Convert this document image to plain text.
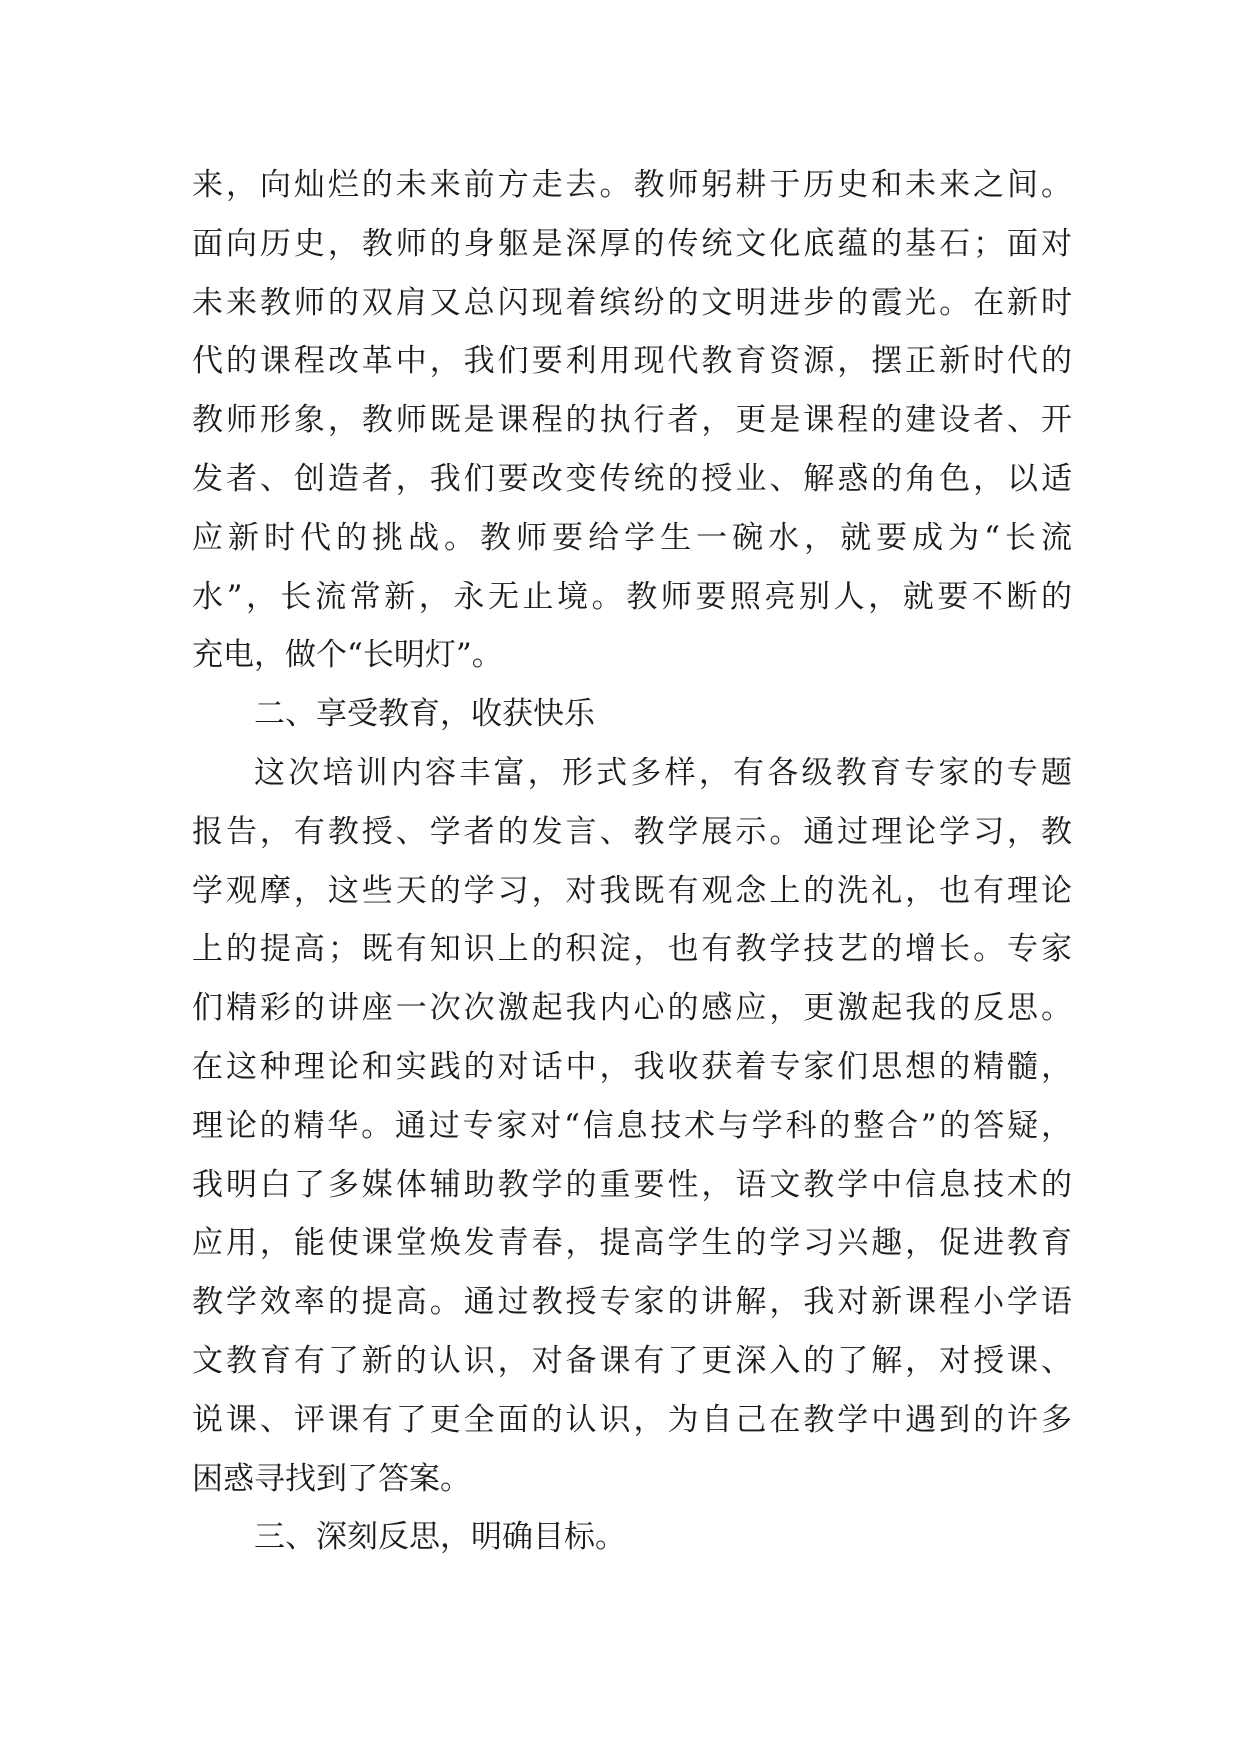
来，向灿烂的未来前方走去。教师躬耕于历史和未来之间。
面向历史，教师的身躯是深厚的传统文化底蕴的基石；面对
未来教师的双肩又总闪现着缤纷的文明进步的霞光。在新时
代的课程改革中，我们要利用现代教育资源，摆正新时代的
教师形象，教师既是课程的执行者，更是课程的建设者、开
发者、创造者，我们要改变传统的授业、解惑的角色，以适
应新时代的挑战。教师要给学生一碗水，就要成为“长流
水”，长流常新，永无止境。教师要照亮别人，就要不断的
充电，做个“长明灯”。
二、享受教育，收获快乐
这次培训内容丰富，形式多样，有各级教育专家的专题
报告，有教授、学者的发言、教学展示。通过理论学习，教
学观摩，这些天的学习，对我既有观念上的洗礼，也有理论
上的提高；既有知识上的积淀，也有教学技艺的增长。专家
们精彩的讲座一次次激起我内心的感应，更激起我的反思。
在这种理论和实践的对话中，我收获着专家们思想的精髓，
理论的精华。通过专家对“信息技术与学科的整合”的答疑，
我明白了多媒体辅助教学的重要性，语文教学中信息技术的
应用，能使课堂焕发青春，提高学生的学习兴趣，促进教育
教学效率的提高。通过教授专家的讲解，我对新课程小学语
文教育有了新的认识，对备课有了更深入的了解，对授课、
说课、评课有了更全面的认识，为自己在教学中遇到的许多
困惑寻找到了答案。
三、深刻反思，明确目标。
